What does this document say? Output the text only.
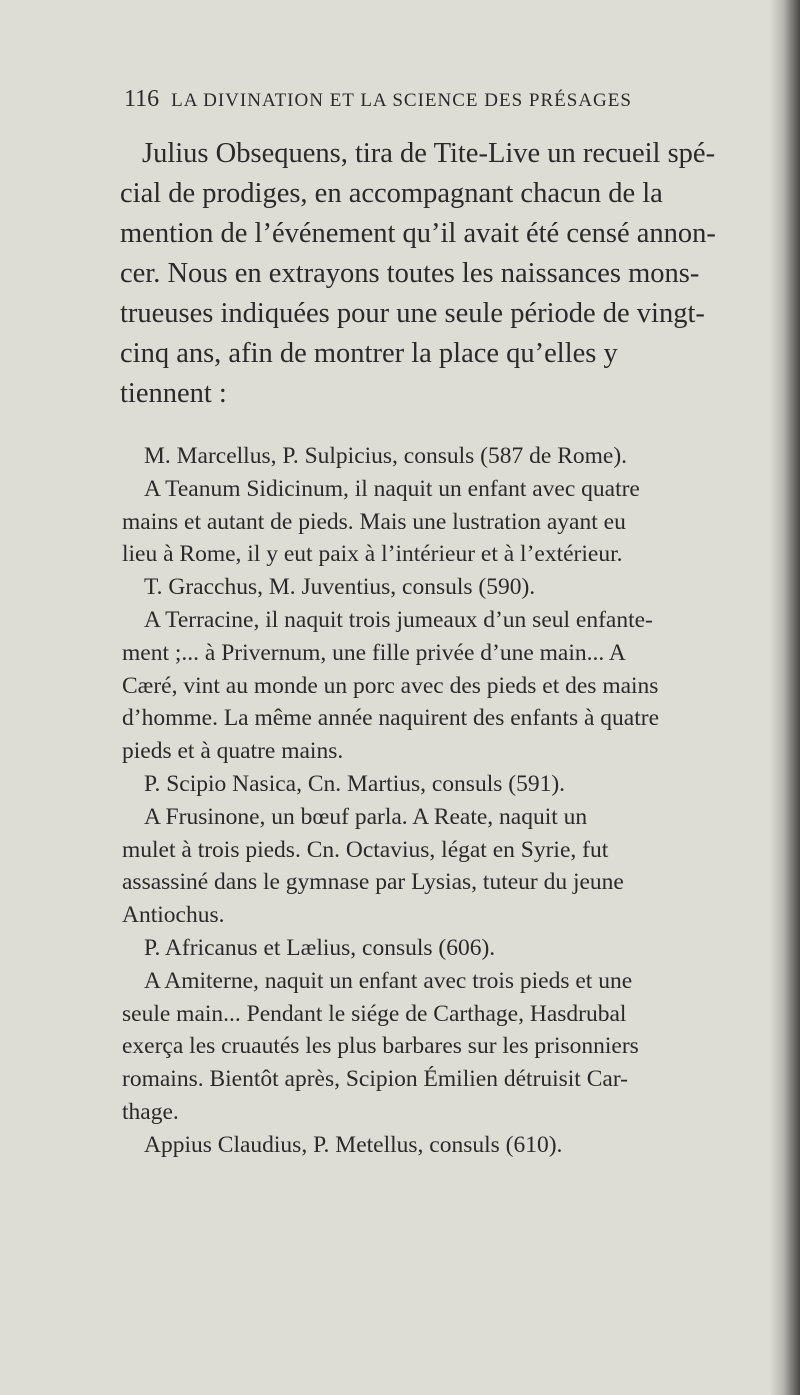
116 LA DIVINATION ET LA SCIENCE DES PRÉSAGES
Julius Obsequens, tira de Tite-Live un recueil spé-
cial de prodiges, en accompagnant chacun de la
mention de l’événement qu’il avait été censé annon-
cer. Nous en extrayons toutes les naissances mons-
trueuses indiquées pour une seule période de vingt-
cinq ans, afin de montrer la place qu’elles y
tiennent :
M. Marcellus, P. Sulpicius, consuls (587 de Rome).
A Teanum Sidicinum, il naquit un enfant avec quatre
mains et autant de pieds. Mais une lustration ayant eu
lieu à Rome, il y eut paix à l’intérieur et à l’extérieur.
T. Gracchus, M. Juventius, consuls (590).
A Terracine, il naquit trois jumeaux d’un seul enfante-
ment ;... à Privernum, une fille privée d’une main... A
Cæré, vint au monde un porc avec des pieds et des mains
d’homme. La même année naquirent des enfants à quatre
pieds et à quatre mains.
P. Scipio Nasica, Cn. Martius, consuls (591).
A Frusinone, un bœuf parla. A Reate, naquit un
mulet à trois pieds. Cn. Octavius, légat en Syrie, fut
assassiné dans le gymnase par Lysias, tuteur du jeune
Antiochus.
P. Africanus et Lælius, consuls (606).
A Amiterne, naquit un enfant avec trois pieds et une
seule main... Pendant le siége de Carthage, Hasdrubal
exerça les cruautés les plus barbares sur les prisonniers
romains. Bientôt après, Scipion Émilien détruisit Car-
thage.
Appius Claudius, P. Metellus, consuls (610).
